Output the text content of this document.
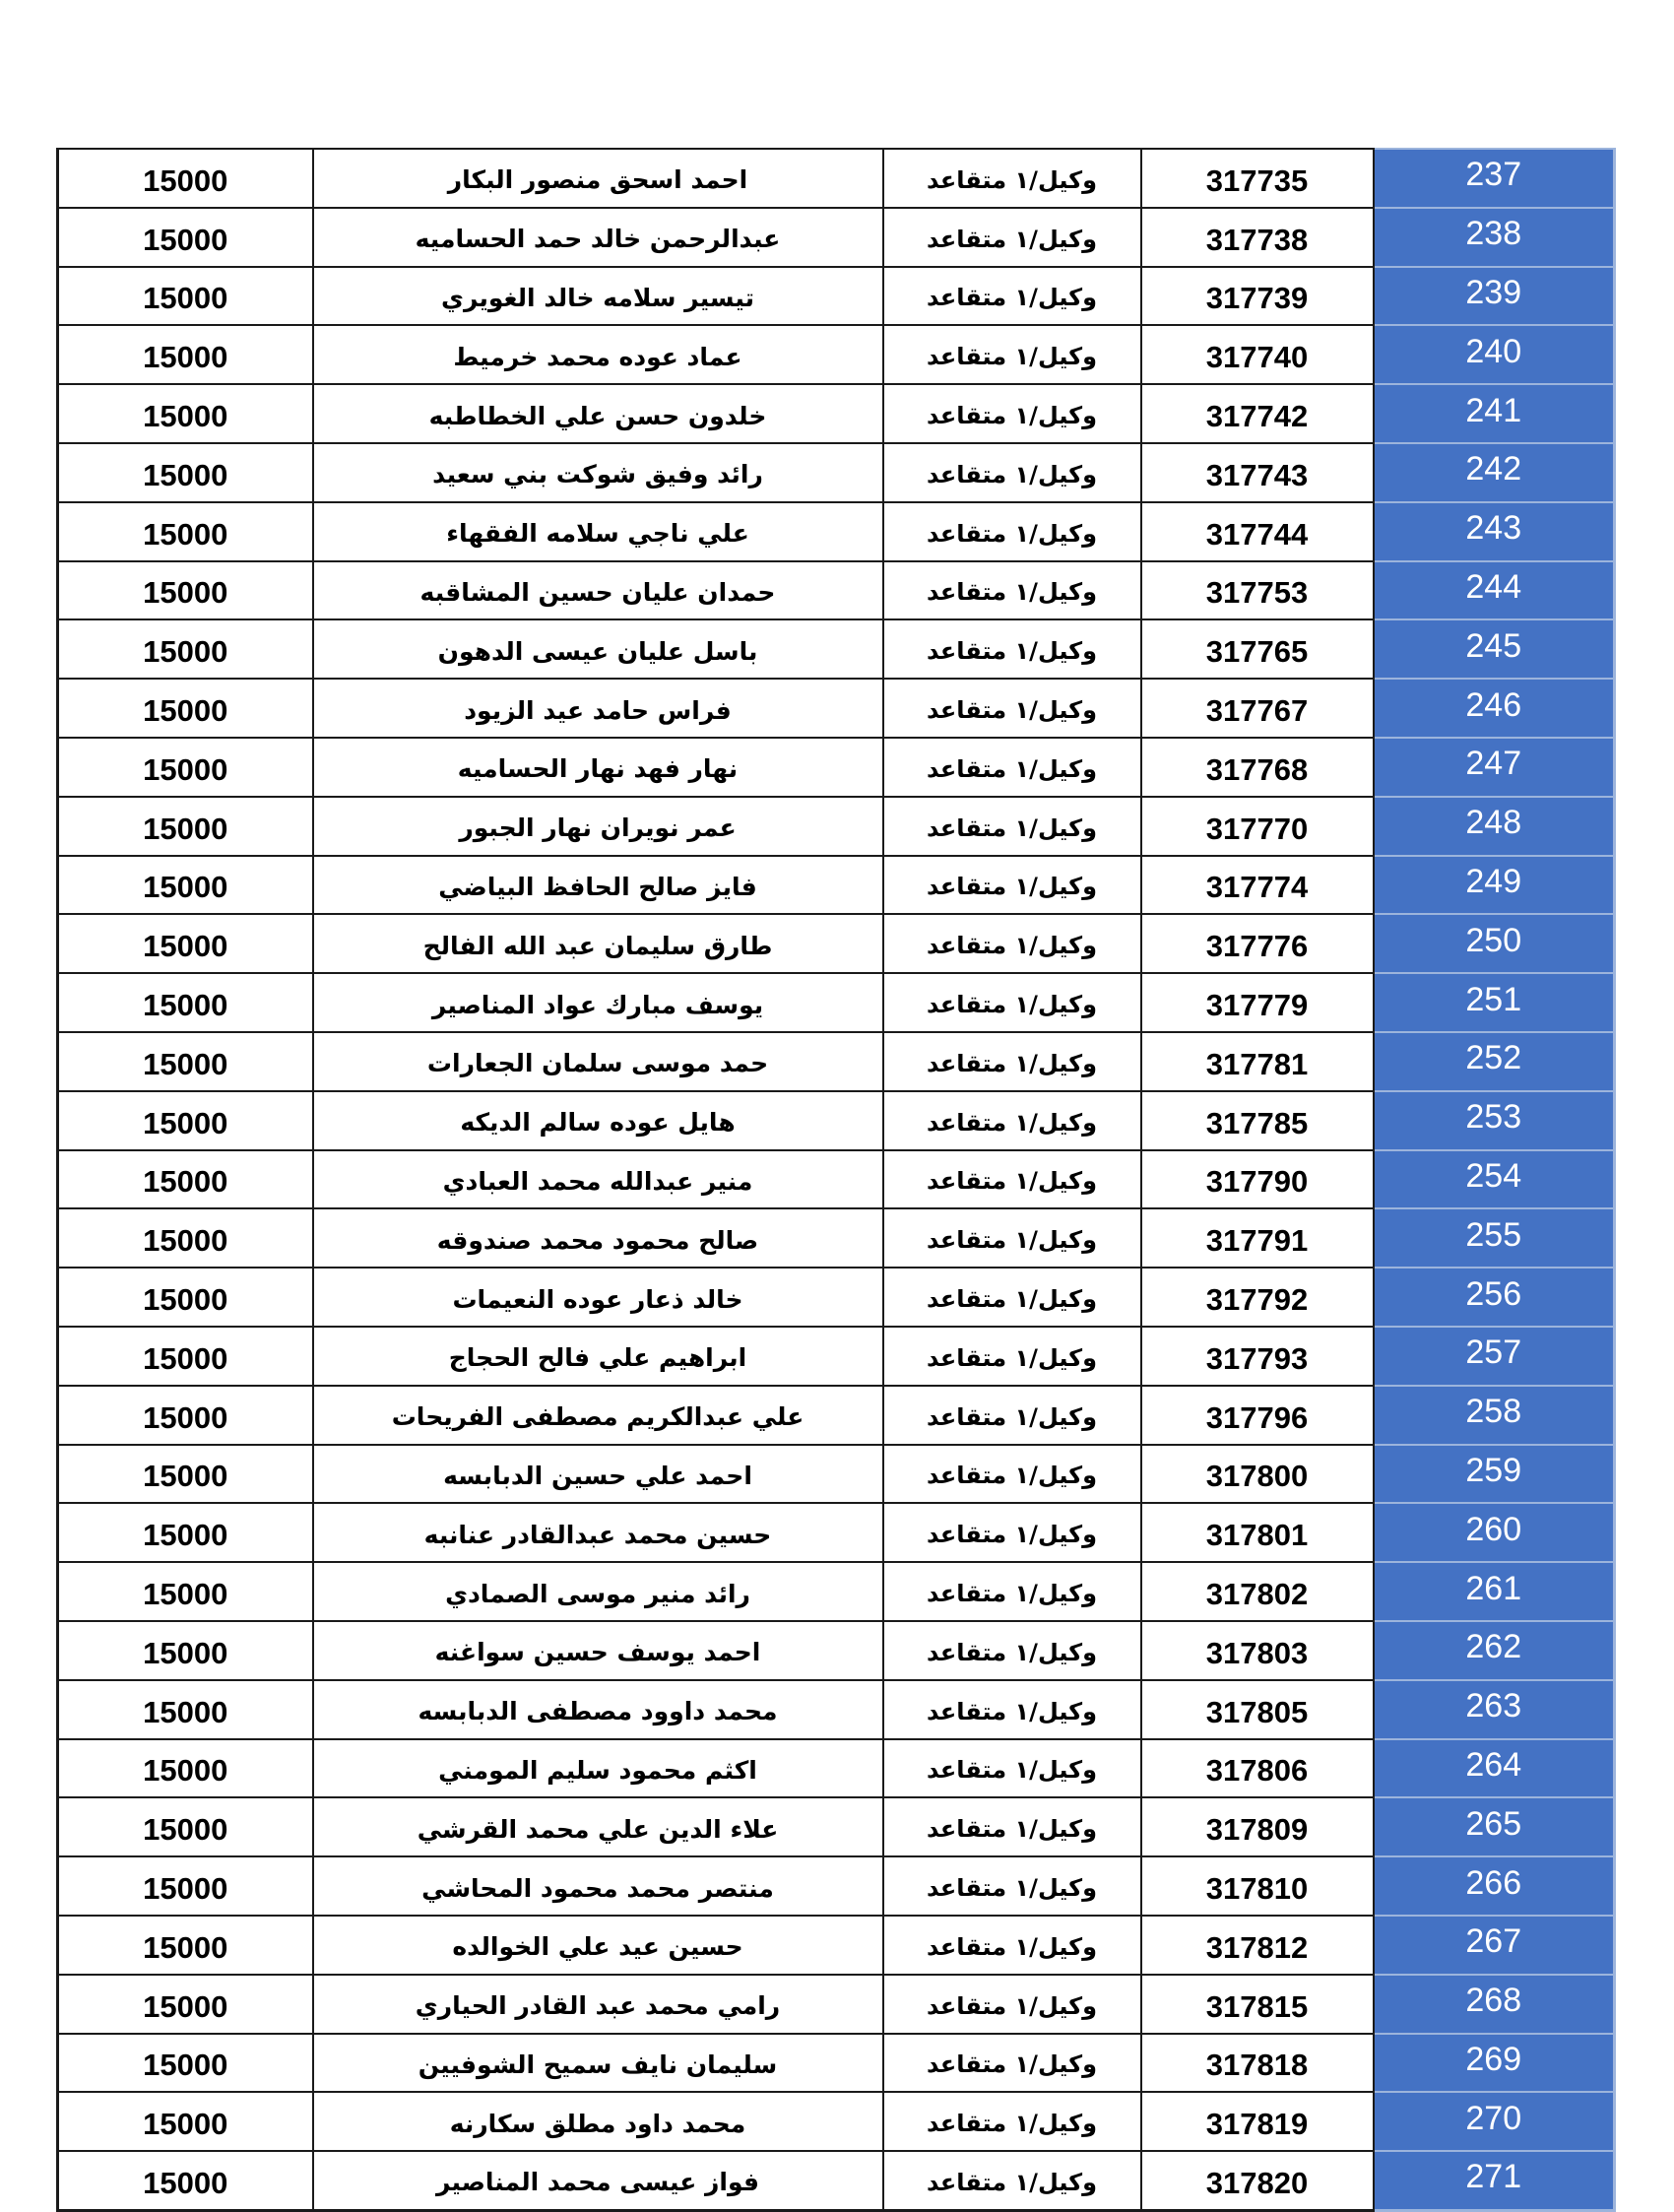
15000	احمد اسحق منصور البكار	وكيل/١ متقاعد	317735	237
15000	عبدالرحمن خالد حمد الحساميه	وكيل/١ متقاعد	317738	238
15000	تيسير سلامه خالد الغويري	وكيل/١ متقاعد	317739	239
15000	عماد عوده محمد خرميط	وكيل/١ متقاعد	317740	240
15000	خلدون حسن علي الخطاطبه	وكيل/١ متقاعد	317742	241
15000	رائد وفيق شوكت بني سعيد	وكيل/١ متقاعد	317743	242
15000	علي ناجي سلامه الفقهاء	وكيل/١ متقاعد	317744	243
15000	حمدان عليان حسين المشاقبه	وكيل/١ متقاعد	317753	244
15000	باسل عليان عيسى الدهون	وكيل/١ متقاعد	317765	245
15000	فراس حامد عيد الزيود	وكيل/١ متقاعد	317767	246
15000	نهار فهد نهار الحساميه	وكيل/١ متقاعد	317768	247
15000	عمر نويران نهار الجبور	وكيل/١ متقاعد	317770	248
15000	فايز صالح الحافظ البياضي	وكيل/١ متقاعد	317774	249
15000	طارق سليمان عبد الله الفالح	وكيل/١ متقاعد	317776	250
15000	يوسف مبارك عواد المناصير	وكيل/١ متقاعد	317779	251
15000	حمد موسى سلمان الجعارات	وكيل/١ متقاعد	317781	252
15000	هايل عوده سالم الديكه	وكيل/١ متقاعد	317785	253
15000	منير عبدالله محمد العبادي	وكيل/١ متقاعد	317790	254
15000	صالح محمود محمد صندوقه	وكيل/١ متقاعد	317791	255
15000	خالد ذعار عوده النعيمات	وكيل/١ متقاعد	317792	256
15000	ابراهيم علي فالح الحجاج	وكيل/١ متقاعد	317793	257
15000	علي عبدالكريم مصطفى الفريحات	وكيل/١ متقاعد	317796	258
15000	احمد علي حسين الدبابسه	وكيل/١ متقاعد	317800	259
15000	حسين محمد عبدالقادر عنانبه	وكيل/١ متقاعد	317801	260
15000	رائد منير موسى الصمادي	وكيل/١ متقاعد	317802	261
15000	احمد يوسف حسين سواغنه	وكيل/١ متقاعد	317803	262
15000	محمد داوود مصطفى الدبابسه	وكيل/١ متقاعد	317805	263
15000	اكثم محمود سليم المومني	وكيل/١ متقاعد	317806	264
15000	علاء الدين علي محمد القرشي	وكيل/١ متقاعد	317809	265
15000	منتصر محمد محمود المحاشي	وكيل/١ متقاعد	317810	266
15000	حسين عيد علي الخوالده	وكيل/١ متقاعد	317812	267
15000	رامي محمد عبد القادر الحياري	وكيل/١ متقاعد	317815	268
15000	سليمان نايف سميح الشوفيين	وكيل/١ متقاعد	317818	269
15000	محمد داود مطلق سكارنه	وكيل/١ متقاعد	317819	270
15000	فواز عيسى محمد المناصير	وكيل/١ متقاعد	317820	271
